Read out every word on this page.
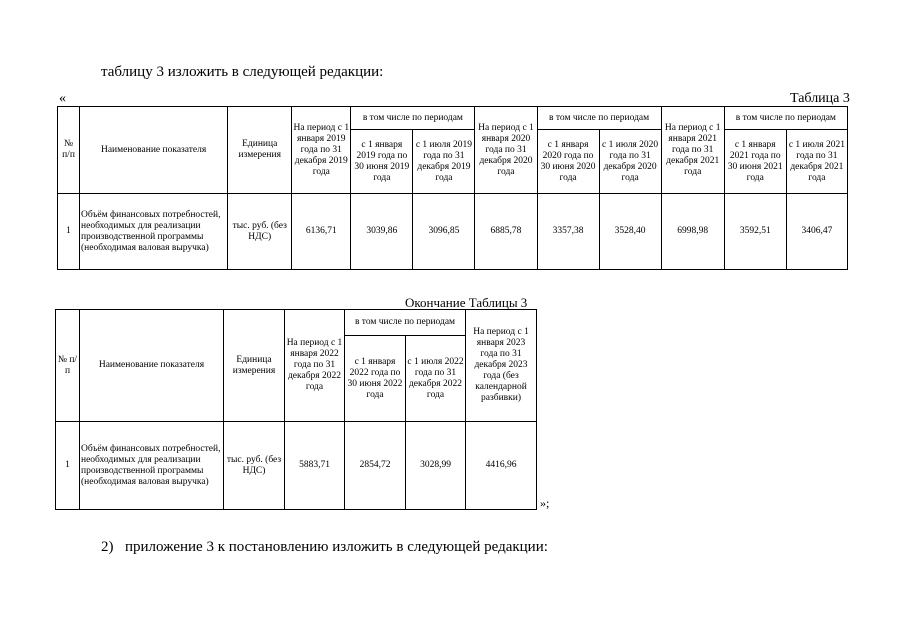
таблицу 3 изложить в следующей редакции:
«	Таблица 3
№ п/п	Наименование показателя	Единица измерения	На период с 1 января 2019 года по 31 декабря 2019 года	в том числе по периодам		На период с 1 января 2020 года по 31 декабря 2020 года	в том числе по периодам		На период с 1 января 2021 года по 31 декабря 2021 года	в том числе по периодам	
				с 1 января 2019 года по 30 июня 2019 года	с 1 июля 2019 года по 31 декабря 2019 года		с 1 января 2020 года по 30 июня 2020 года	с 1 июля 2020 года по 31 декабря 2020 года		с 1 января 2021 года по 30 июня 2021 года	с 1 июля 2021 года по 31 декабря 2021 года
1	Объём финансовых потребностей, необходимых для реализации производственной программы (необходимая валовая выручка)	тыс. руб. (без НДС)	6136,71	3039,86	3096,85	6885,78	3357,38	3528,40	6998,98	3592,51	3406,47
Окончание Таблицы 3
№ п/п	Наименование показателя	Единица измерения	На период с 1 января 2022 года по 31 декабря 2022 года	в том числе по периодам		На период с 1 января 2023 года по 31 декабря 2023 года (без календарной разбивки)
				с 1 января 2022 года по 30 июня 2022 года	с 1 июля 2022 года по 31 декабря 2022 года	
1	Объём финансовых потребностей, необходимых для реализации производственной программы (необходимая валовая выручка)	тыс. руб. (без НДС)	5883,71	2854,72	3028,99	4416,96
»;
2) приложение 3 к постановлению изложить в следующей редакции:
